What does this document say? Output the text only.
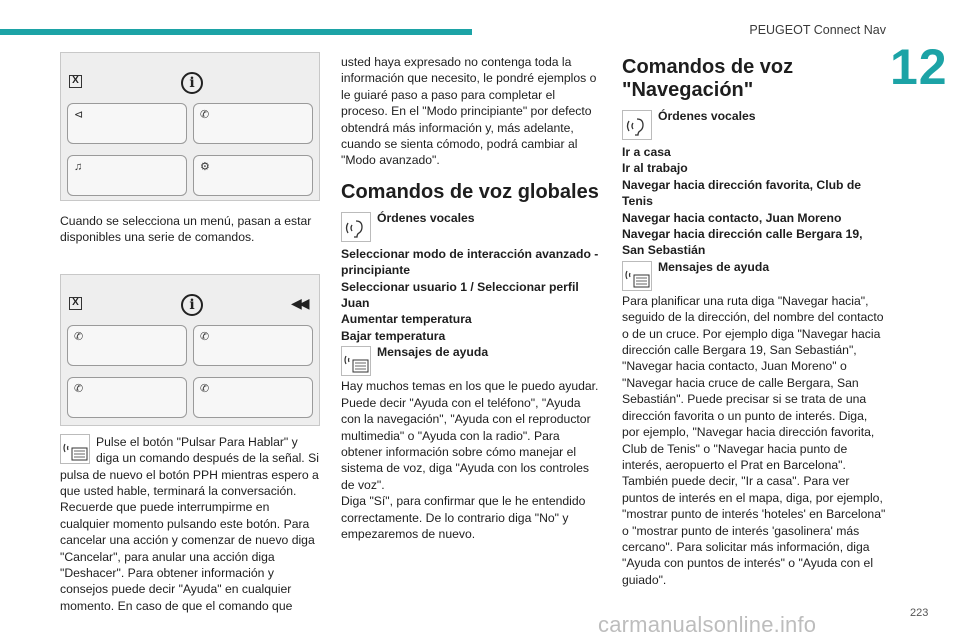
PEUGEOT Connect Nav
12
X	i
⊲	✆
♫	⚙

Cuando se selecciona un menú, pasan a estar disponibles una serie de comandos.

X	i	◀◀
✆	✆
✆	✆

Pulse el botón "Pulsar Para Hablar" y diga un comando después de la señal. Si pulsa de nuevo el botón PPH mientras espero a que usted hable, terminará la conversación. Recuerde que puede interrumpirme en cualquier momento pulsando este botón. Para cancelar una acción y comenzar de nuevo diga "Cancelar", para anular una acción diga "Deshacer". Para obtener información y consejos puede decir "Ayuda" en cualquier momento. En caso de que el comando que

usted haya expresado no contenga toda la información que necesito, le pondré ejemplos o le guiaré paso a paso para completar el proceso. En el "Modo principiante" por defecto obtendrá más información y, más adelante, cuando se sienta cómodo, podrá cambiar al "Modo avanzado".

Comandos de voz globales
Órdenes vocales

Seleccionar modo de interacción avanzado - principiante

Seleccionar usuario 1 / Seleccionar perfil Juan

Aumentar temperatura

Bajar temperatura

Mensajes de ayuda

Hay muchos temas en los que le puedo ayudar. Puede decir "Ayuda con el teléfono", "Ayuda con la navegación", "Ayuda con el reproductor multimedia" o "Ayuda con la radio". Para obtener información sobre cómo manejar el sistema de voz, diga "Ayuda con los controles de voz".

Diga "Sí", para confirmar que le he entendido correctamente. De lo contrario diga "No" y empezaremos de nuevo.

Comandos de voz "Navegación"
Órdenes vocales

Ir a casa

Ir al trabajo

Navegar hacia dirección favorita, Club de Tenis

Navegar hacia contacto, Juan Moreno

Navegar hacia dirección calle Bergara 19, San Sebastián

Mensajes de ayuda

Para planificar una ruta diga "Navegar hacia", seguido de la dirección, del nombre del contacto o de un cruce. Por ejemplo diga "Navegar hacia dirección calle Bergara 19, San Sebastián", "Navegar hacia contacto, Juan Moreno" o "Navegar hacia cruce de calle Bergara, San Sebastián". Puede precisar si se trata de una dirección favorita o un punto de interés. Diga, por ejemplo, "Navegar hacia dirección favorita, Club de Tenis" o "Navegar hacia punto de interés, aeropuerto el Prat en Barcelona". También puede decir, "Ir a casa". Para ver puntos de interés en el mapa, diga, por ejemplo, "mostrar punto de interés 'hoteles' en Barcelona" o "mostrar punto de interés 'gasolinera' más cercano". Para solicitar más información, diga "Ayuda con puntos de interés" o "Ayuda con el guiado".

carmanualsonline.info	223
